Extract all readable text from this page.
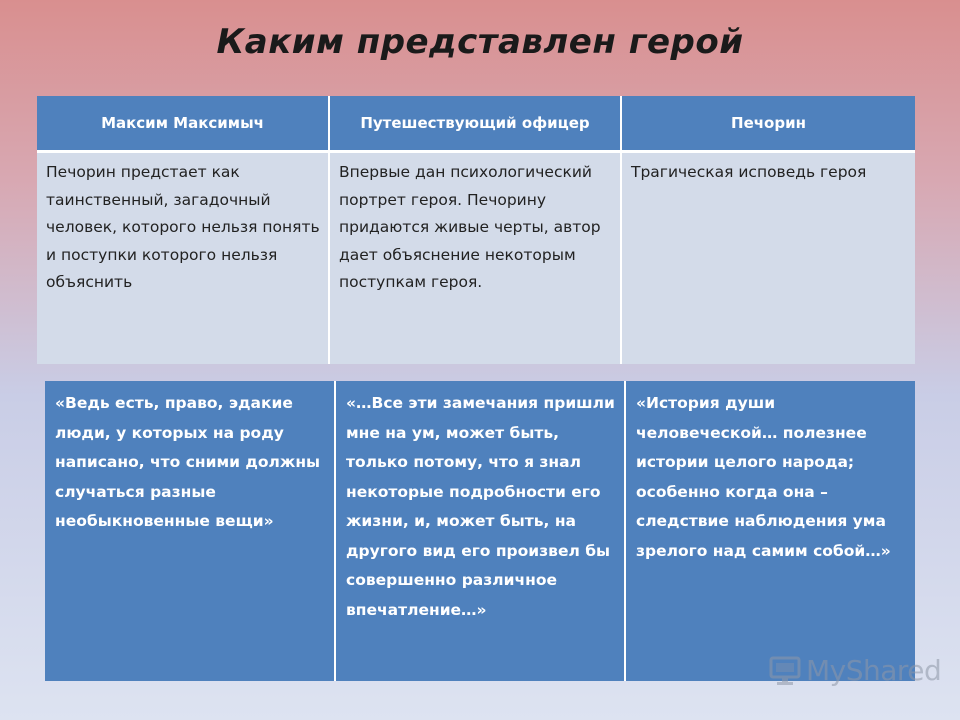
Каким представлен герой
Максим Максимыч	Путешествующий офицер	Печорин
Печорин предстает как таинственный, загадочный человек, которого нельзя понять и поступки которого нельзя объяснить	Впервые дан психологический портрет героя. Печорину придаются живые черты, автор дает объяснение некоторым поступкам героя.	Трагическая исповедь героя
«Ведь есть, право, эдакие люди, у которых на роду написано, что сними должны случаться разные необыкновенные вещи»	«…Все эти замечания пришли мне на ум, может быть, только потому, что я знал некоторые подробности его жизни, и, может быть, на другого вид его произвел бы совершенно различное впечатление…»	«История души человеческой… полезнее истории целого народа; особенно когда она – следствие наблюдения ума зрелого над самим собой…»
MyShared
